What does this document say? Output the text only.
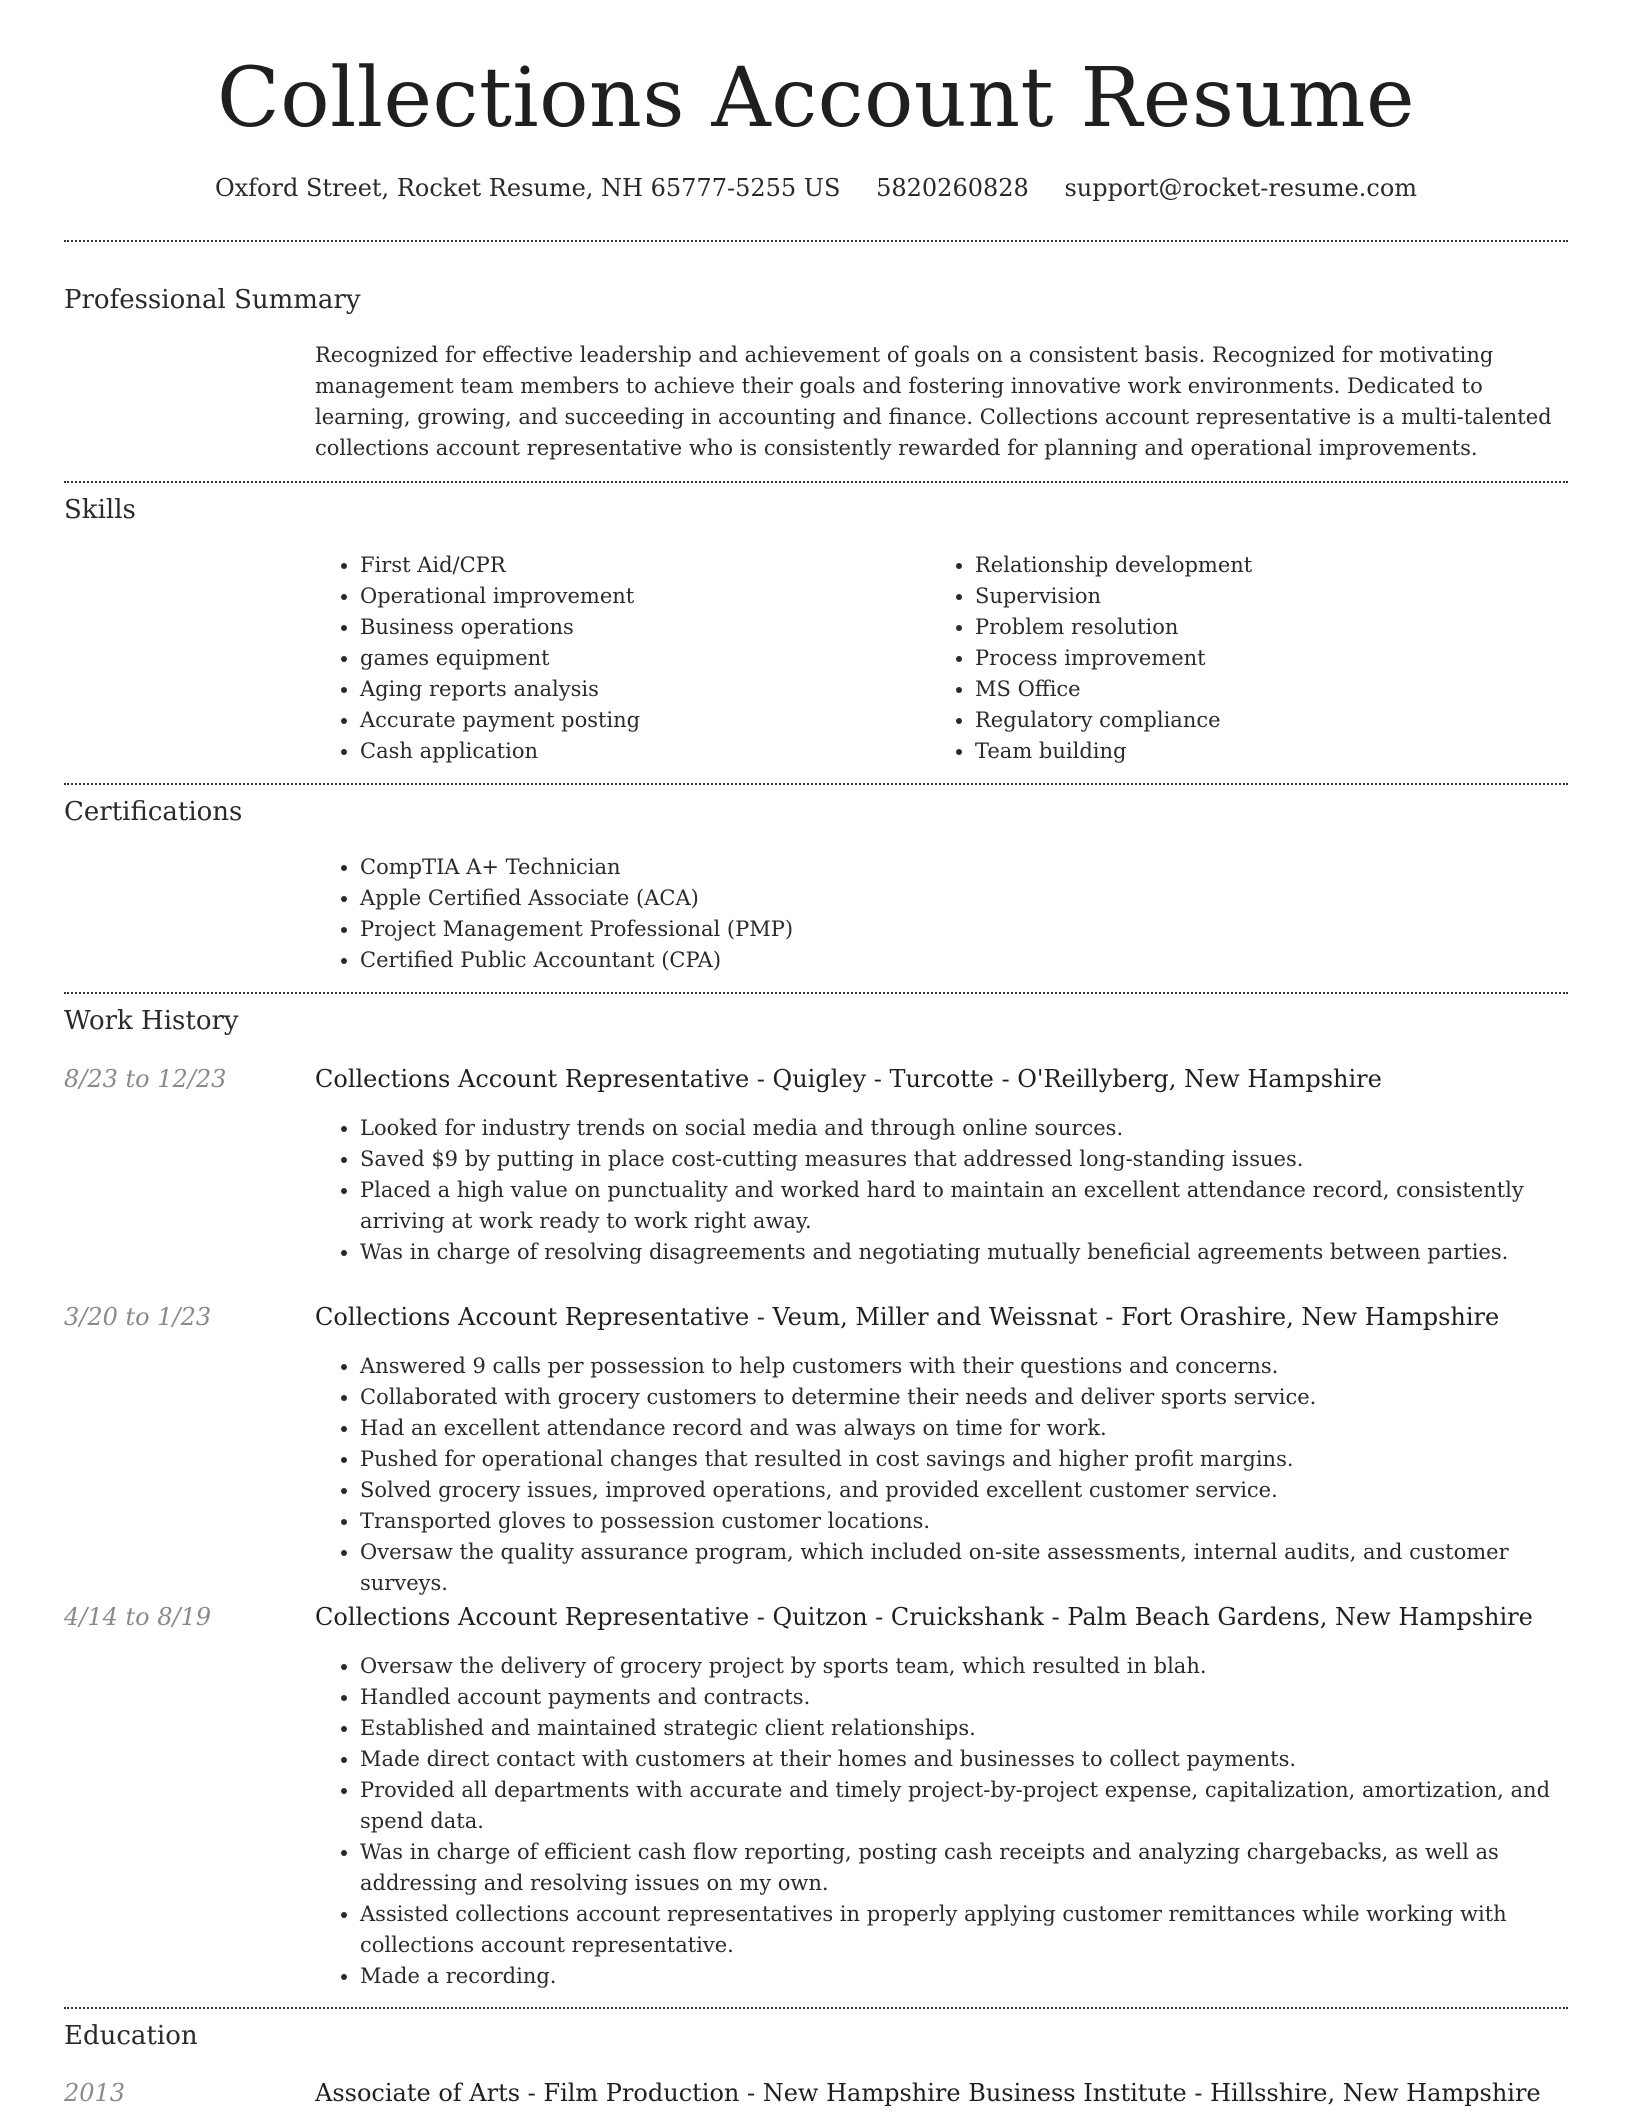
Collections Account Resume
Oxford Street, Rocket Resume, NH 65777-5255 US 5820260828 support@rocket-resume.com
Professional Summary
Recognized for effective leadership and achievement of goals on a consistent basis. Recognized for motivating management team members to achieve their goals and fostering innovative work environments. Dedicated to learning, growing, and succeeding in accounting and finance. Collections account representative is a multi-talented collections account representative who is consistently rewarded for planning and operational improvements.
Skills
• First Aid/CPR
• Operational improvement
• Business operations
• games equipment
• Aging reports analysis
• Accurate payment posting
• Cash application
• Relationship development
• Supervision
• Problem resolution
• Process improvement
• MS Office
• Regulatory compliance
• Team building
Certifications
• CompTIA A+ Technician
• Apple Certified Associate (ACA)
• Project Management Professional (PMP)
• Certified Public Accountant (CPA)
Work History
8/23 to 12/23	Collections Account Representative - Quigley - Turcotte - O'Reillyberg, New Hampshire
• Looked for industry trends on social media and through online sources.
• Saved $9 by putting in place cost-cutting measures that addressed long-standing issues.
• Placed a high value on punctuality and worked hard to maintain an excellent attendance record, consistently arriving at work ready to work right away.
• Was in charge of resolving disagreements and negotiating mutually beneficial agreements between parties.
3/20 to 1/23	Collections Account Representative - Veum, Miller and Weissnat - Fort Orashire, New Hampshire
• Answered 9 calls per possession to help customers with their questions and concerns.
• Collaborated with grocery customers to determine their needs and deliver sports service.
• Had an excellent attendance record and was always on time for work.
• Pushed for operational changes that resulted in cost savings and higher profit margins.
• Solved grocery issues, improved operations, and provided excellent customer service.
• Transported gloves to possession customer locations.
• Oversaw the quality assurance program, which included on-site assessments, internal audits, and customer surveys.
4/14 to 8/19	Collections Account Representative - Quitzon - Cruickshank - Palm Beach Gardens, New Hampshire
• Oversaw the delivery of grocery project by sports team, which resulted in blah.
• Handled account payments and contracts.
• Established and maintained strategic client relationships.
• Made direct contact with customers at their homes and businesses to collect payments.
• Provided all departments with accurate and timely project-by-project expense, capitalization, amortization, and spend data.
• Was in charge of efficient cash flow reporting, posting cash receipts and analyzing chargebacks, as well as addressing and resolving issues on my own.
• Assisted collections account representatives in properly applying customer remittances while working with collections account representative.
• Made a recording.
Education
2013	Associate of Arts - Film Production - New Hampshire Business Institute - Hillsshire, New Hampshire
